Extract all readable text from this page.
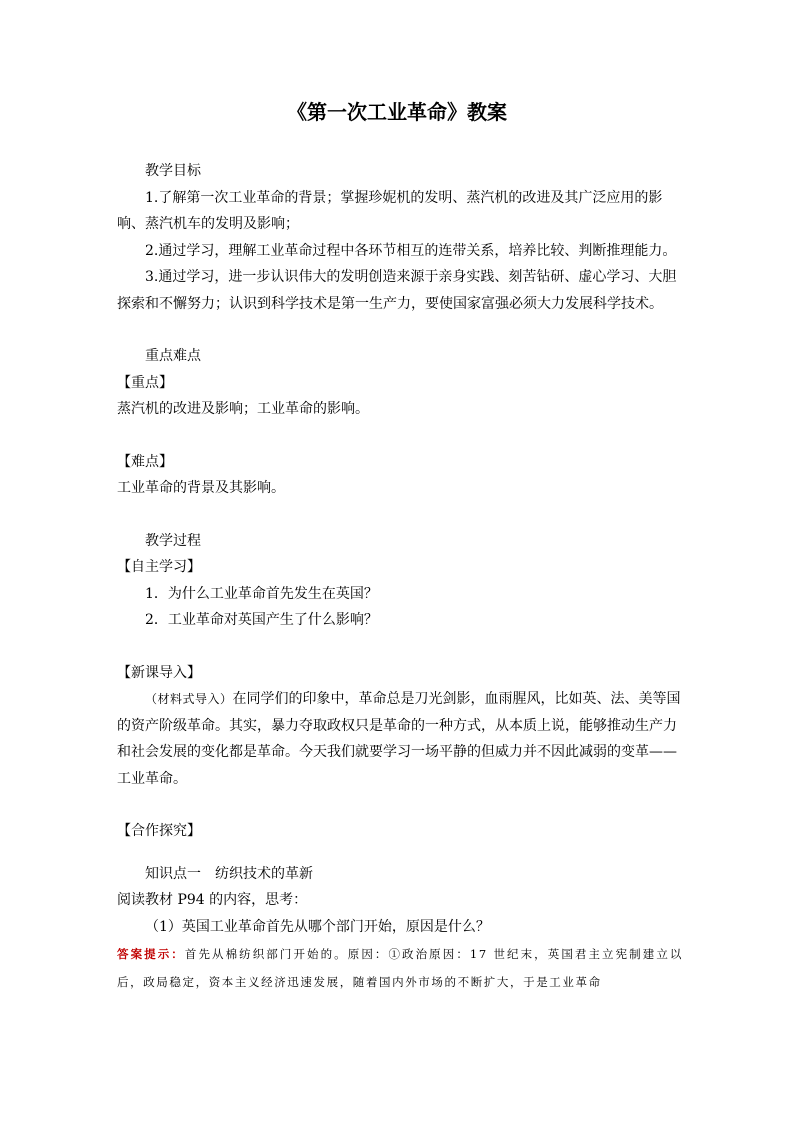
《第一次工业革命》教案

教学目标

1.了解第一次工业革命的背景；掌握珍妮机的发明、蒸汽机的改进及其广泛应用的影响、蒸汽机车的发明及影响；

2.通过学习，理解工业革命过程中各环节相互的连带关系，培养比较、判断推理能力。

3.通过学习，进一步认识伟大的发明创造来源于亲身实践、刻苦钻研、虚心学习、大胆探索和不懈努力；认识到科学技术是第一生产力，要使国家富强必须大力发展科学技术。

重点难点

【重点】

蒸汽机的改进及影响；工业革命的影响。

【难点】

工业革命的背景及其影响。

教学过程

【自主学习】

1．为什么工业革命首先发生在英国？

2．工业革命对英国产生了什么影响？

【新课导入】

（材料式导入）在同学们的印象中，革命总是刀光剑影，血雨腥风，比如英、法、美等国的资产阶级革命。其实，暴力夺取政权只是革命的一种方式，从本质上说，能够推动生产力和社会发展的变化都是革命。今天我们就要学习一场平静的但威力并不因此减弱的变革——工业革命。

【合作探究】

知识点一　纺织技术的革新

阅读教材 P94 的内容，思考：

（1）英国工业革命首先从哪个部门开始，原因是什么？

答案提示：首先从棉纺织部门开始的。原因：①政治原因：17 世纪末，英国君主立宪制建立以后，政局稳定，资本主义经济迅速发展，随着国内外市场的不断扩大，于是工业革命
